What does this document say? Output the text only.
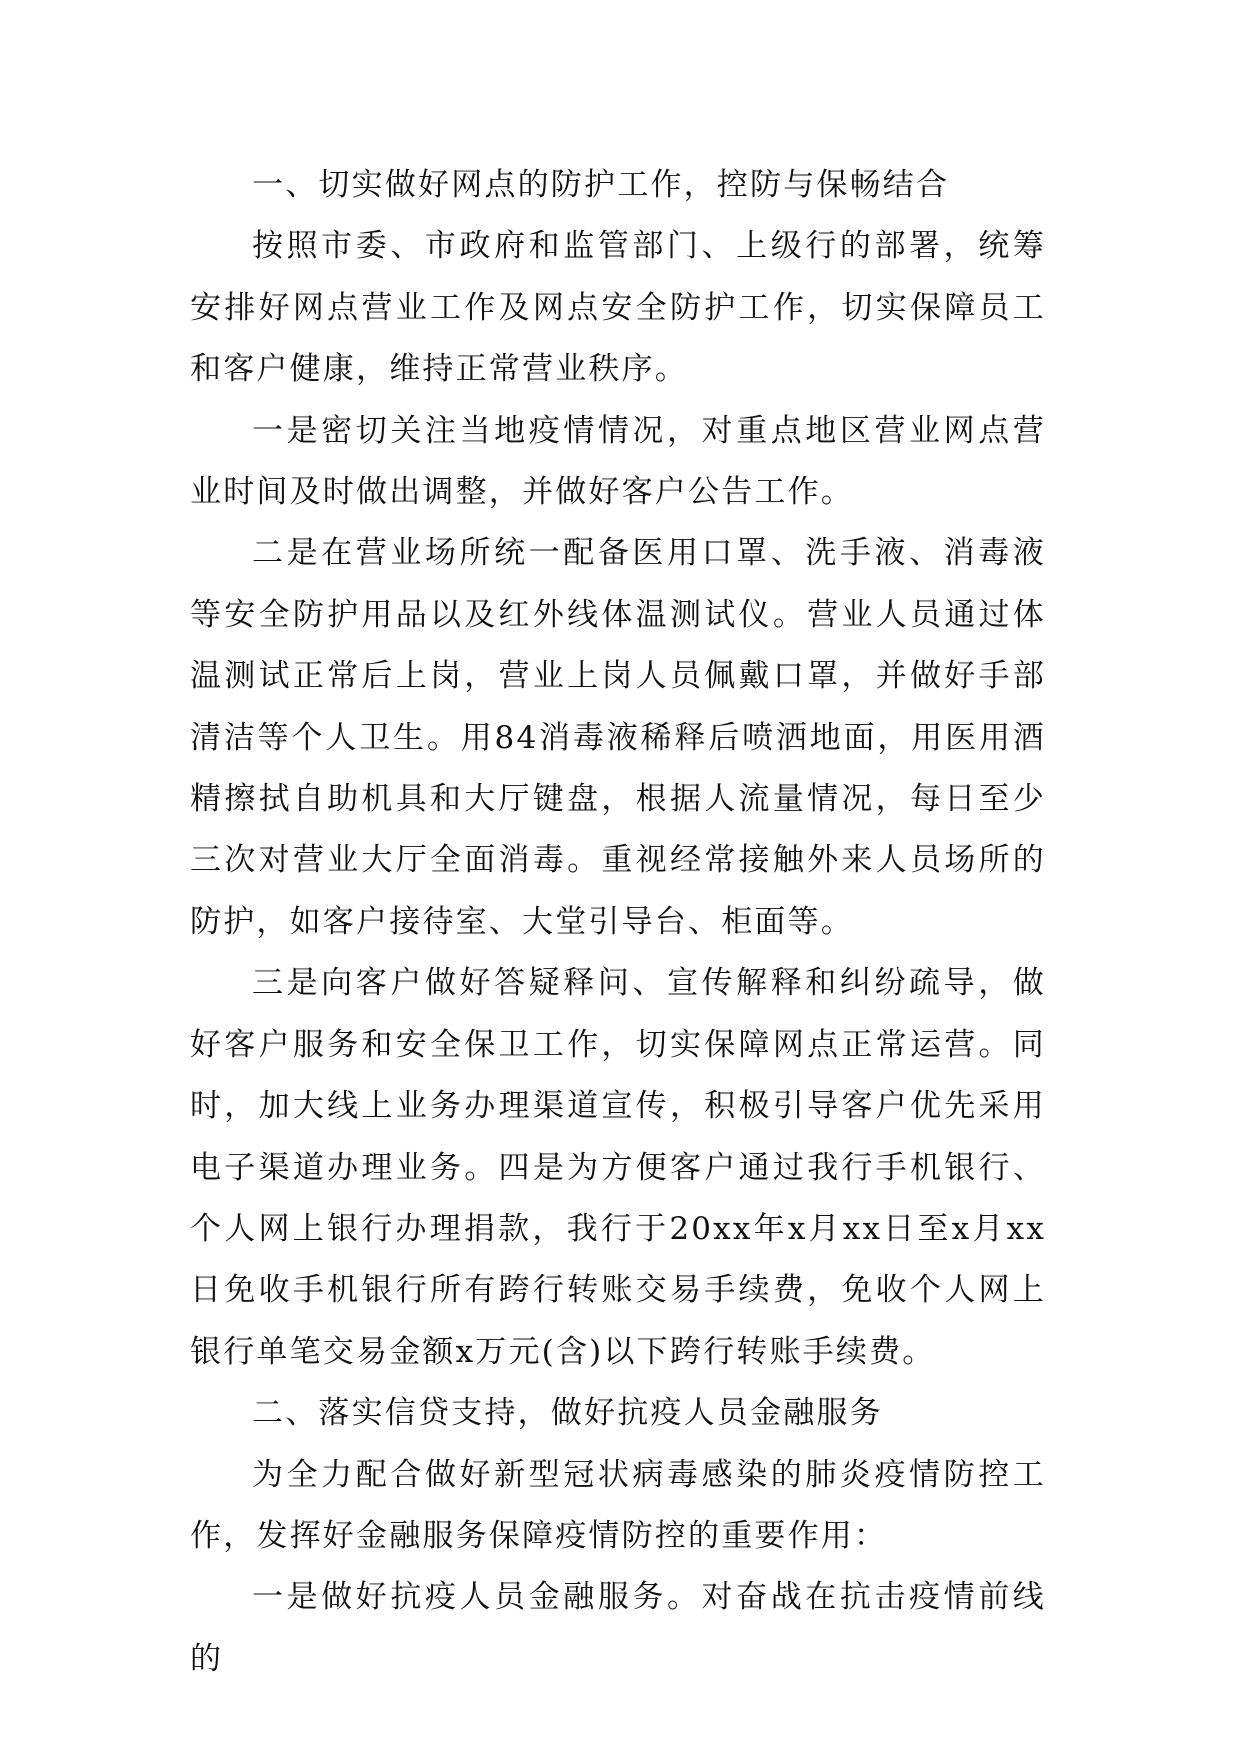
一、切实做好网点的防护工作，控防与保畅结合

按照市委、市政府和监管部门、上级行的部署，统筹安排好网点营业工作及网点安全防护工作，切实保障员工和客户健康，维持正常营业秩序。

一是密切关注当地疫情情况，对重点地区营业网点营业时间及时做出调整，并做好客户公告工作。

二是在营业场所统一配备医用口罩、洗手液、消毒液等安全防护用品以及红外线体温测试仪。营业人员通过体温测试正常后上岗，营业上岗人员佩戴口罩，并做好手部清洁等个人卫生。用84消毒液稀释后喷洒地面，用医用酒精擦拭自助机具和大厅键盘，根据人流量情况，每日至少三次对营业大厅全面消毒。重视经常接触外来人员场所的防护，如客户接待室、大堂引导台、柜面等。

三是向客户做好答疑释问、宣传解释和纠纷疏导，做好客户服务和安全保卫工作，切实保障网点正常运营。同时，加大线上业务办理渠道宣传，积极引导客户优先采用电子渠道办理业务。四是为方便客户通过我行手机银行、个人网上银行办理捐款，我行于20xx年x月xx日至x月xx日免收手机银行所有跨行转账交易手续费，免收个人网上银行单笔交易金额x万元(含)以下跨行转账手续费。

二、落实信贷支持，做好抗疫人员金融服务

为全力配合做好新型冠状病毒感染的肺炎疫情防控工作，发挥好金融服务保障疫情防控的重要作用：

一是做好抗疫人员金融服务。对奋战在抗击疫情前线的
